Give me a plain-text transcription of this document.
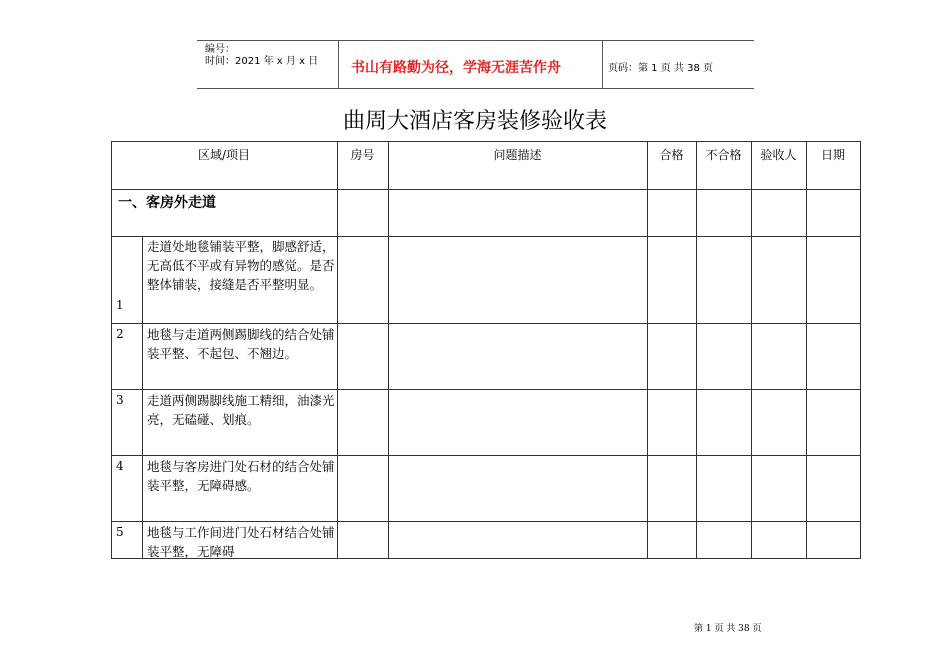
编号：
时间：2021 年 x 月 x 日 书山有路勤为径，学海无涯苦作舟	页码：第 1 页 共 38 页
曲周大酒店客房装修验收表
区域/项目	房号	问题描述	合格	不合格	验收人	日期
一、客房外走道
1
走道处地毯铺装平整，脚感舒适，无高低不平或有异物的感觉。是否整体铺装，接缝是否平整明显。
2 地毯与走道两侧踢脚线的结合处铺装平整、不起包、不翘边。
3 走道两侧踢脚线施工精细，油漆光亮，无磕碰、划痕。
4 地毯与客房进门处石材的结合处铺装平整，无障碍感。
5 地毯与工作间进门处石材结合处铺装平整，无障碍
第 1 页 共 38 页
